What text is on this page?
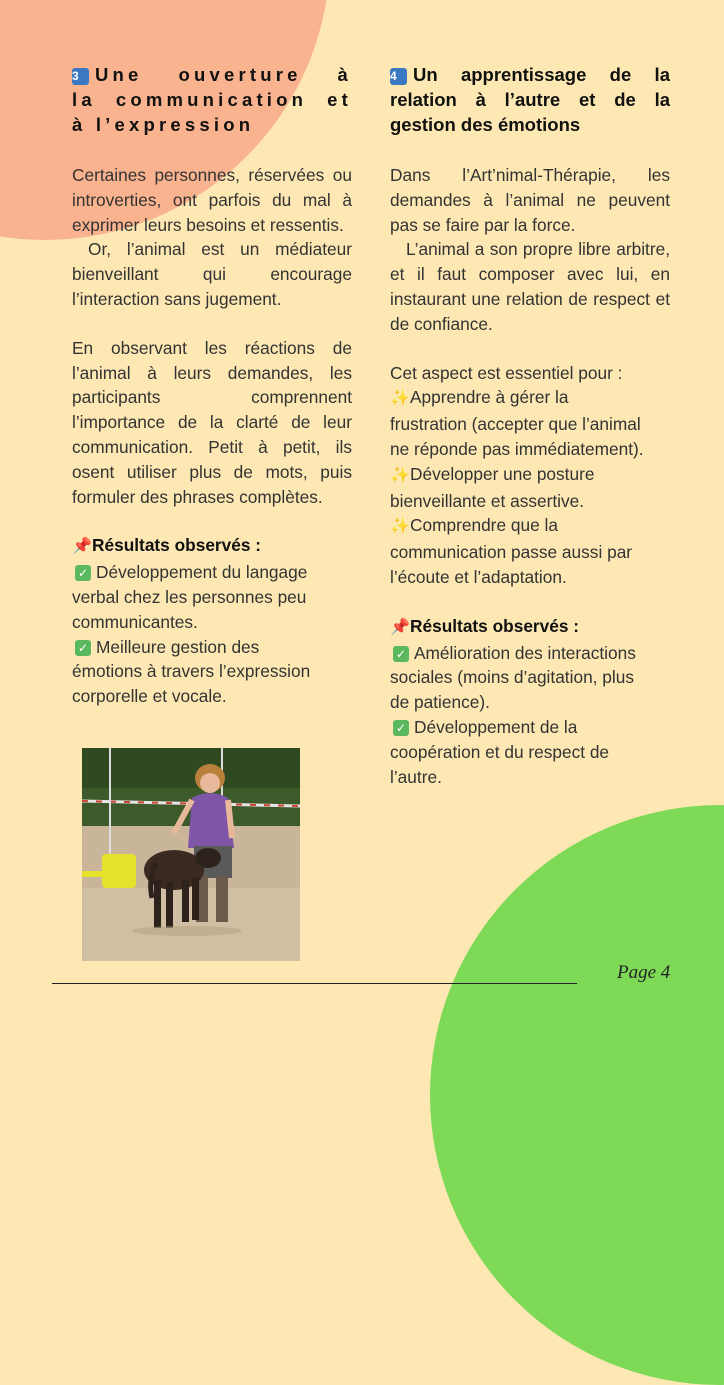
3 Une ouverture à
la communication et
à l’expression

Certaines personnes, réservées ou introverties, ont parfois du mal à exprimer leurs besoins et ressentis.

Or, l’animal est un médiateur bienveillant qui encourage l’interaction sans jugement.

En observant les réactions de l’animal à leurs demandes, les participants comprennent l’importance de la clarté de leur communication. Petit à petit, ils osent utiliser plus de mots, puis formuler des phrases complètes.

📌Résultats observés :
✓ Développement du langage
verbal chez les personnes peu
communicantes.
✓ Meilleure gestion des
émotions à travers l’expression
corporelle et vocale.
4 Un apprentissage de la
relation à l’autre et de la
gestion des émotions

Dans l’Art’nimal-Thérapie, les demandes à l’animal ne peuvent pas se faire par la force.

L’animal a son propre libre arbitre, et il faut composer avec lui, en instaurant une relation de respect et de confiance.

Cet aspect est essentiel pour :
✨Apprendre à gérer la
frustration (accepter que l’animal
ne réponde pas immédiatement).
✨Développer une posture
bienveillante et assertive.
✨Comprendre que la
communication passe aussi par
l’écoute et l’adaptation.
📌Résultats observés :
✓ Amélioration des interactions
sociales (moins d’agitation, plus
de patience).
✓ Développement de la
coopération et du respect de
l’autre.
Page 4
